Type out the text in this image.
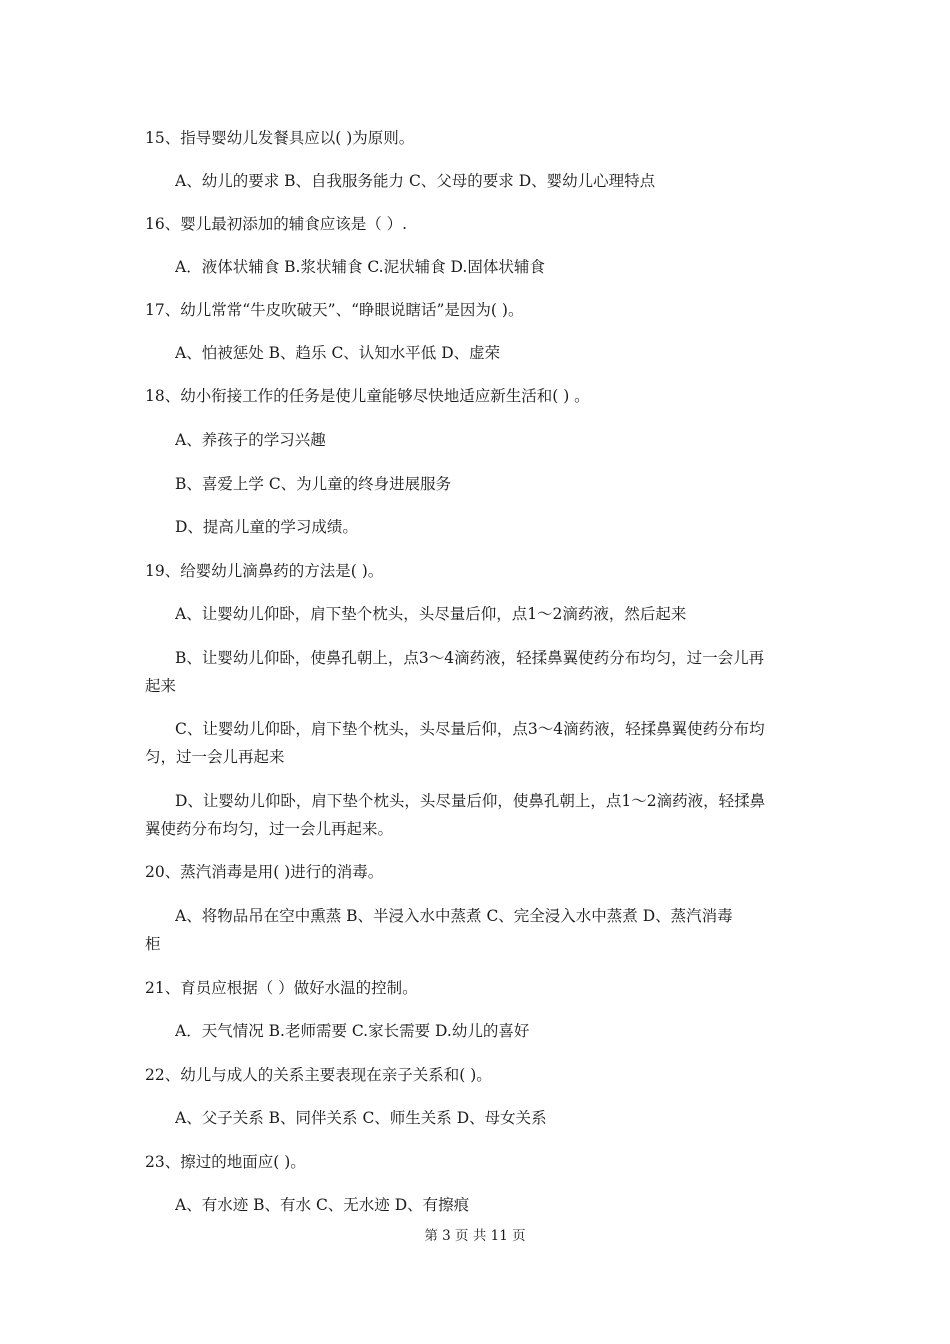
15、指导婴幼儿发餐具应以( )为原则。
A、幼儿的要求 B、自我服务能力 C、父母的要求 D、婴幼儿心理特点
16、婴儿最初添加的辅食应该是（ ）.
A．液体状辅食 B.浆状辅食 C.泥状辅食 D.固体状辅食
17、幼儿常常“牛皮吹破天”、“睁眼说瞎话”是因为( )。
A、怕被惩处 B、趋乐 C、认知水平低 D、虚荣
18、幼小衔接工作的任务是使儿童能够尽快地适应新生活和( ) 。
A、养孩子的学习兴趣
B、喜爱上学 C、为儿童的终身进展服务
D、提高儿童的学习成绩。
19、给婴幼儿滴鼻药的方法是( )。
A、让婴幼儿仰卧，肩下垫个枕头，头尽量后仰，点1～2滴药液，然后起来
B、让婴幼儿仰卧，使鼻孔朝上，点3～4滴药液，轻揉鼻翼使药分布均匀，过一会儿再
起来
C、让婴幼儿仰卧，肩下垫个枕头，头尽量后仰，点3～4滴药液，轻揉鼻翼使药分布均
匀，过一会儿再起来
D、让婴幼儿仰卧，肩下垫个枕头，头尽量后仰，使鼻孔朝上，点1～2滴药液，轻揉鼻
翼使药分布均匀，过一会儿再起来。
20、蒸汽消毒是用( )进行的消毒。
A、将物品吊在空中熏蒸 B、半浸入水中蒸煮 C、完全浸入水中蒸煮 D、蒸汽消毒
柜
21、育员应根据（ ）做好水温的控制。
A．天气情况 B.老师需要 C.家长需要 D.幼儿的喜好
22、幼儿与成人的关系主要表现在亲子关系和( )。
A、父子关系 B、同伴关系 C、师生关系 D、母女关系
23、擦过的地面应( )。
A、有水迹 B、有水 C、无水迹 D、有擦痕
第 3 页 共 11 页
